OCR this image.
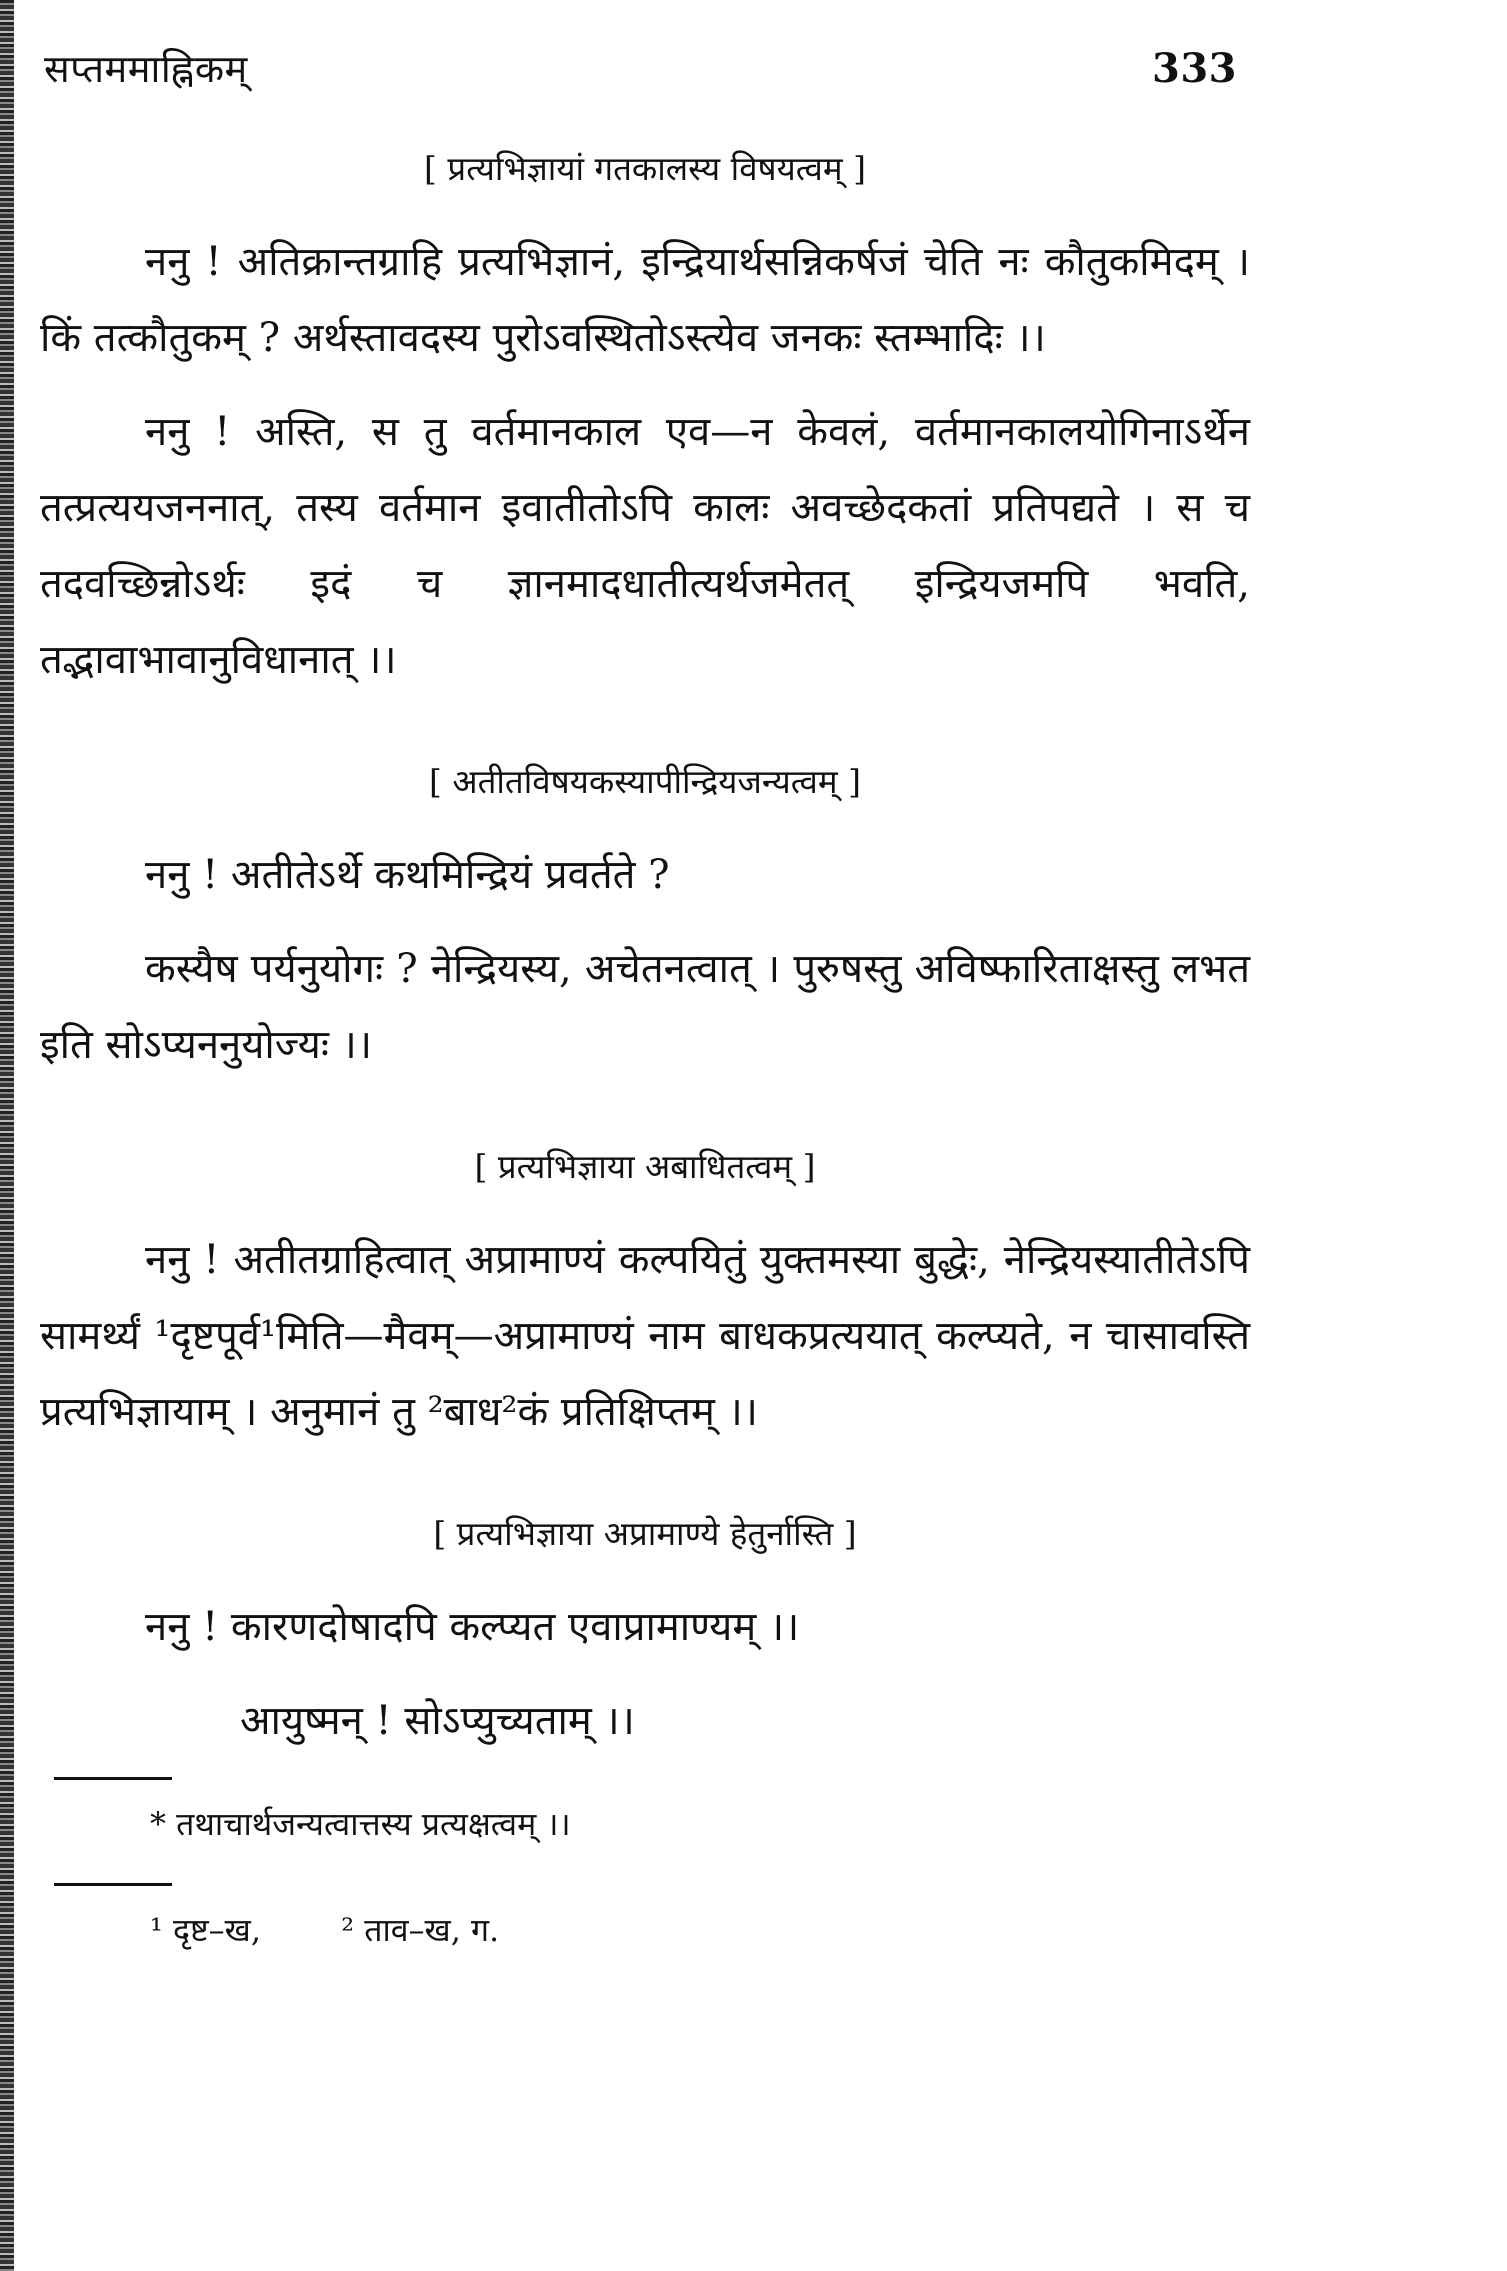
सप्तममाह्निकम्	333
[ प्रत्यभिज्ञायां गतकालस्य विषयत्वम् ]

ननु ! अतिक्रान्तग्राहि प्रत्यभिज्ञानं, इन्द्रियार्थसन्निकर्षजं चेति नः कौतुकमिदम् । किं तत्कौतुकम् ? अर्थस्तावदस्य पुरोऽवस्थितोऽस्त्येव जनकः स्तम्भादिः ।।

ननु ! अस्ति, स तु वर्तमानकाल एव—न केवलं, वर्तमानकालयोगिनाऽर्थेन तत्प्रत्ययजननात्, तस्य वर्तमान इवातीतोऽपि कालः अवच्छेदकतां प्रतिपद्यते । स च तदवच्छिन्नोऽर्थः इदं च ज्ञानमादधातीत्यर्थजमेतत् इन्द्रियजमपि भवति, तद्भावाभावानुविधानात् ।।

[ अतीतविषयकस्यापीन्द्रियजन्यत्वम् ]

ननु ! अतीतेऽर्थे कथमिन्द्रियं प्रवर्तते ?

कस्यैष पर्यनुयोगः ? नेन्द्रियस्य, अचेतनत्वात् । पुरुषस्तु अविष्फारिताक्षस्तु लभत इति सोऽप्यननुयोज्यः ।।

[ प्रत्यभिज्ञाया अबाधितत्वम् ]

ननु ! अतीतग्राहित्वात् अप्रामाण्यं कल्पयितुं युक्तमस्या बुद्धेः, नेन्द्रियस्यातीतेऽपि सामर्थ्यं ¹दृष्टपूर्व¹मिति—मैवम्—अप्रामाण्यं नाम बाधकप्रत्ययात् कल्प्यते, न चासावस्ति प्रत्यभिज्ञायाम् । अनुमानं तु ²बाध²कं प्रतिक्षिप्तम् ।।

[ प्रत्यभिज्ञाया अप्रामाण्ये हेतुर्नास्ति ]

ननु ! कारणदोषादपि कल्प्यत एवाप्रामाण्यम् ।।

आयुष्मन् ! सोऽप्युच्यताम् ।।

* तथाचार्थजन्यत्वात्तस्य प्रत्यक्षत्वम् ।।
¹ दृष्ट–ख,	² ताव–ख, ग.
